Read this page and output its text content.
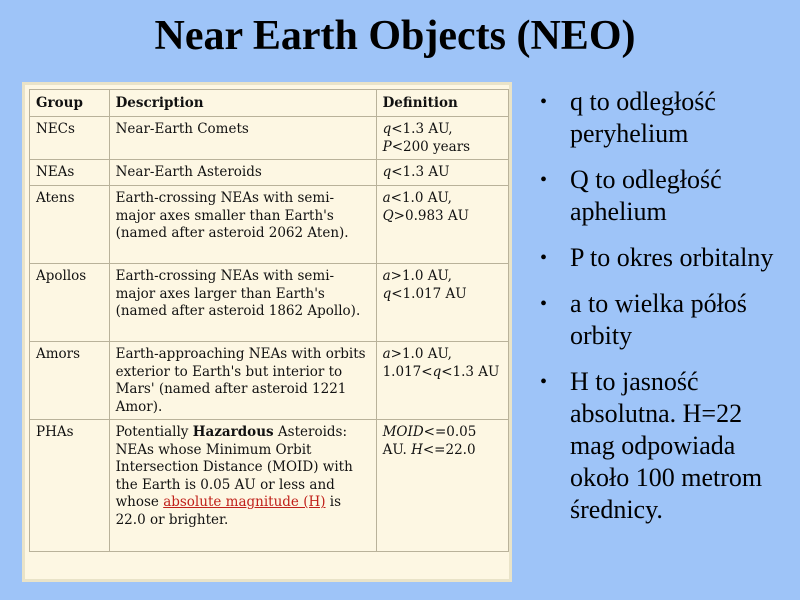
Near Earth Objects (NEO)
Group	Description	Definition
NECs	Near-Earth Comets	q<1.3 AU,
P<200 years
NEAs	Near-Earth Asteroids	q<1.3 AU
Atens	Earth-crossing NEAs with semi-major axes smaller than Earth's (named after asteroid 2062 Aten).	a<1.0 AU,
Q>0.983 AU
Apollos	Earth-crossing NEAs with semi-major axes larger than Earth's (named after asteroid 1862 Apollo).	a>1.0 AU,
q<1.017 AU
Amors	Earth-approaching NEAs with orbits exterior to Earth's but interior to Mars' (named after asteroid 1221 Amor).	a>1.0 AU,
1.017<q<1.3 AU
PHAs	Potentially Hazardous Asteroids: NEAs whose Minimum Orbit Intersection Distance (MOID) with the Earth is 0.05 AU or less and whose absolute magnitude (H) is 22.0 or brighter.	MOID<=0.05 AU. H<=22.0
• q to odległość peryhelium
• Q to odległość aphelium
• P to okres orbitalny
• a to wielka półoś orbity
• H to jasność absolutna. H=22 mag odpowiada około 100 metrom średnicy.
